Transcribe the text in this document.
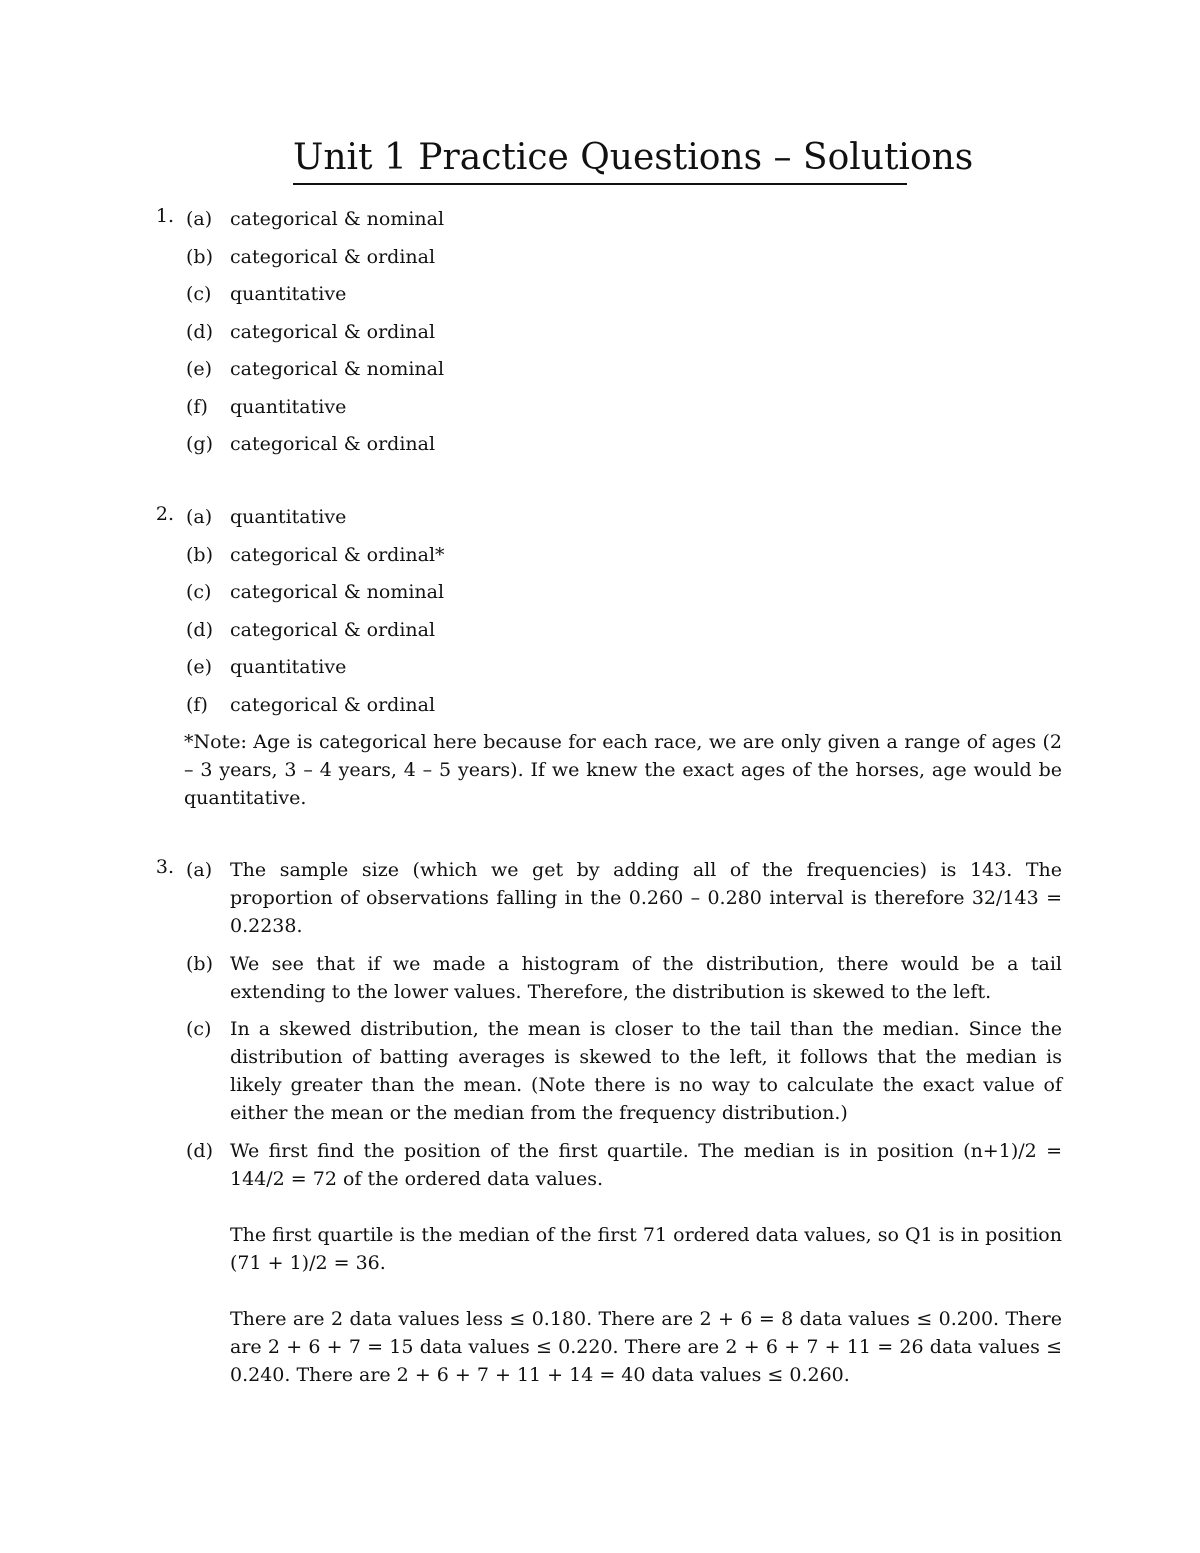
Unit 1 Practice Questions – Solutions
1. (a) categorical & nominal
(b) categorical & ordinal
(c) quantitative
(d) categorical & ordinal
(e) categorical & nominal
(f)	quantitative
(g) categorical & ordinal
2. (a) quantitative
(b) categorical & ordinal*
(c) categorical & nominal
(d) categorical & ordinal
(e) quantitative
(f)	categorical & ordinal
*Note: Age is categorical here because for each race, we are only given a range of ages (2 – 3 years, 3 – 4 years, 4 – 5 years). If we knew the exact ages of the horses, age would be quantitative.
3. (a) The sample size (which we get by adding all of the frequencies) is 143. The proportion of observations falling in the 0.260 – 0.280 interval is therefore 32/143 = 0.2238.
(b) We see that if we made a histogram of the distribution, there would be a tail extending to the lower values. Therefore, the distribution is skewed to the left.
(c) In a skewed distribution, the mean is closer to the tail than the median. Since the distribution of batting averages is skewed to the left, it follows that the median is likely greater than the mean. (Note there is no way to calculate the exact value of either the mean or the median from the frequency distribution.)
(d) We first find the position of the first quartile. The median is in position (n+1)/2 = 144/2 = 72 of the ordered data values.
The first quartile is the median of the first 71 ordered data values, so Q1 is in position (71 + 1)/2 = 36.
There are 2 data values less ≤ 0.180. There are 2 + 6 = 8 data values ≤ 0.200. There are 2 + 6 + 7 = 15 data values ≤ 0.220. There are 2 + 6 + 7 + 11 = 26 data values ≤ 0.240. There are 2 + 6 + 7 + 11 + 14 = 40 data values ≤ 0.260.
